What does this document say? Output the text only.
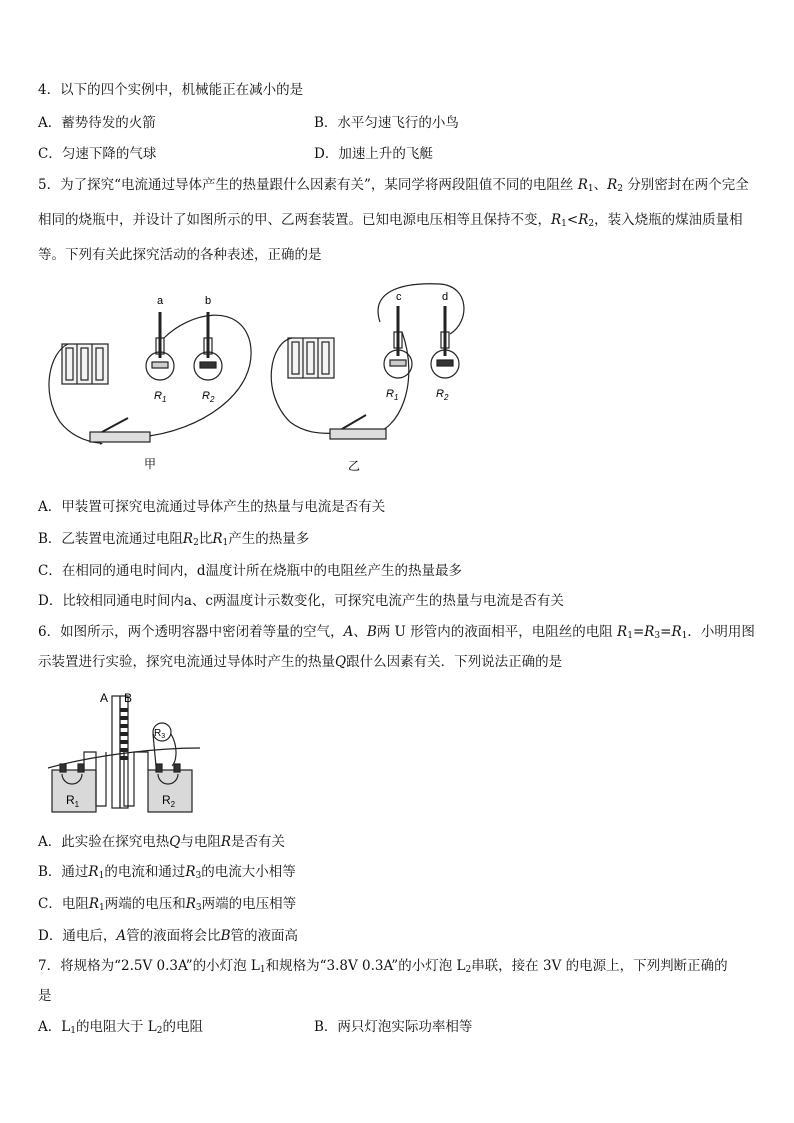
4．以下的四个实例中，机械能正在减小的是
A．蓄势待发的火箭	B．水平匀速飞行的小鸟
C．匀速下降的气球	D．加速上升的飞艇
5．为了探究“电流通过导体产生的热量跟什么因素有关”，某同学将两段阻值不同的电阻丝 $R_1$、$R_2$ 分别密封在两个完全相同的烧瓶中，并设计了如图所示的甲、乙两套装置。已知电源电压相等且保持不变，$R_1<R_2$，装入烧瓶的煤油质量相等。下列有关此探究活动的各种表述，正确的是
a	b	c	d
$R_1$	$R_2$	$R_1$	$R_2$
甲	乙
A．甲装置可探究电流通过导体产生的热量与电流是否有关
B．乙装置电流通过电阻$R_2$比$R_1$产生的热量多
C．在相同的通电时间内，d温度计所在烧瓶中的电阻丝产生的热量最多
D．比较相同通电时间内a、c两温度计示数变化，可探究电流产生的热量与电流是否有关
6．如图所示，两个透明容器中密闭着等量的空气，A、B两 U 形管内的液面相平，电阻丝的电阻 $R_1=R_3=R_1$．小明用图
示装置进行实验，探究电流通过导体时产生的热量Q跟什么因素有关．下列说法正确的是
A B
$R_3$
$R_1$	$R_2$
A．此实验在探究电热Q与电阻R是否有关
B．通过$R_1$的电流和通过$R_3$的电流大小相等
C．电阻$R_1$两端的电压和$R_3$两端的电压相等
D．通电后，A管的液面将会比B管的液面高
7．将规格为“2.5V 0.3A”的小灯泡 $L_1$和规格为“3.8V 0.3A”的小灯泡 $L_2$串联，接在 3V 的电源上，下列判断正确的
是
A．$L_1$的电阻大于 $L_2$的电阻	B．两只灯泡实际功率相等
